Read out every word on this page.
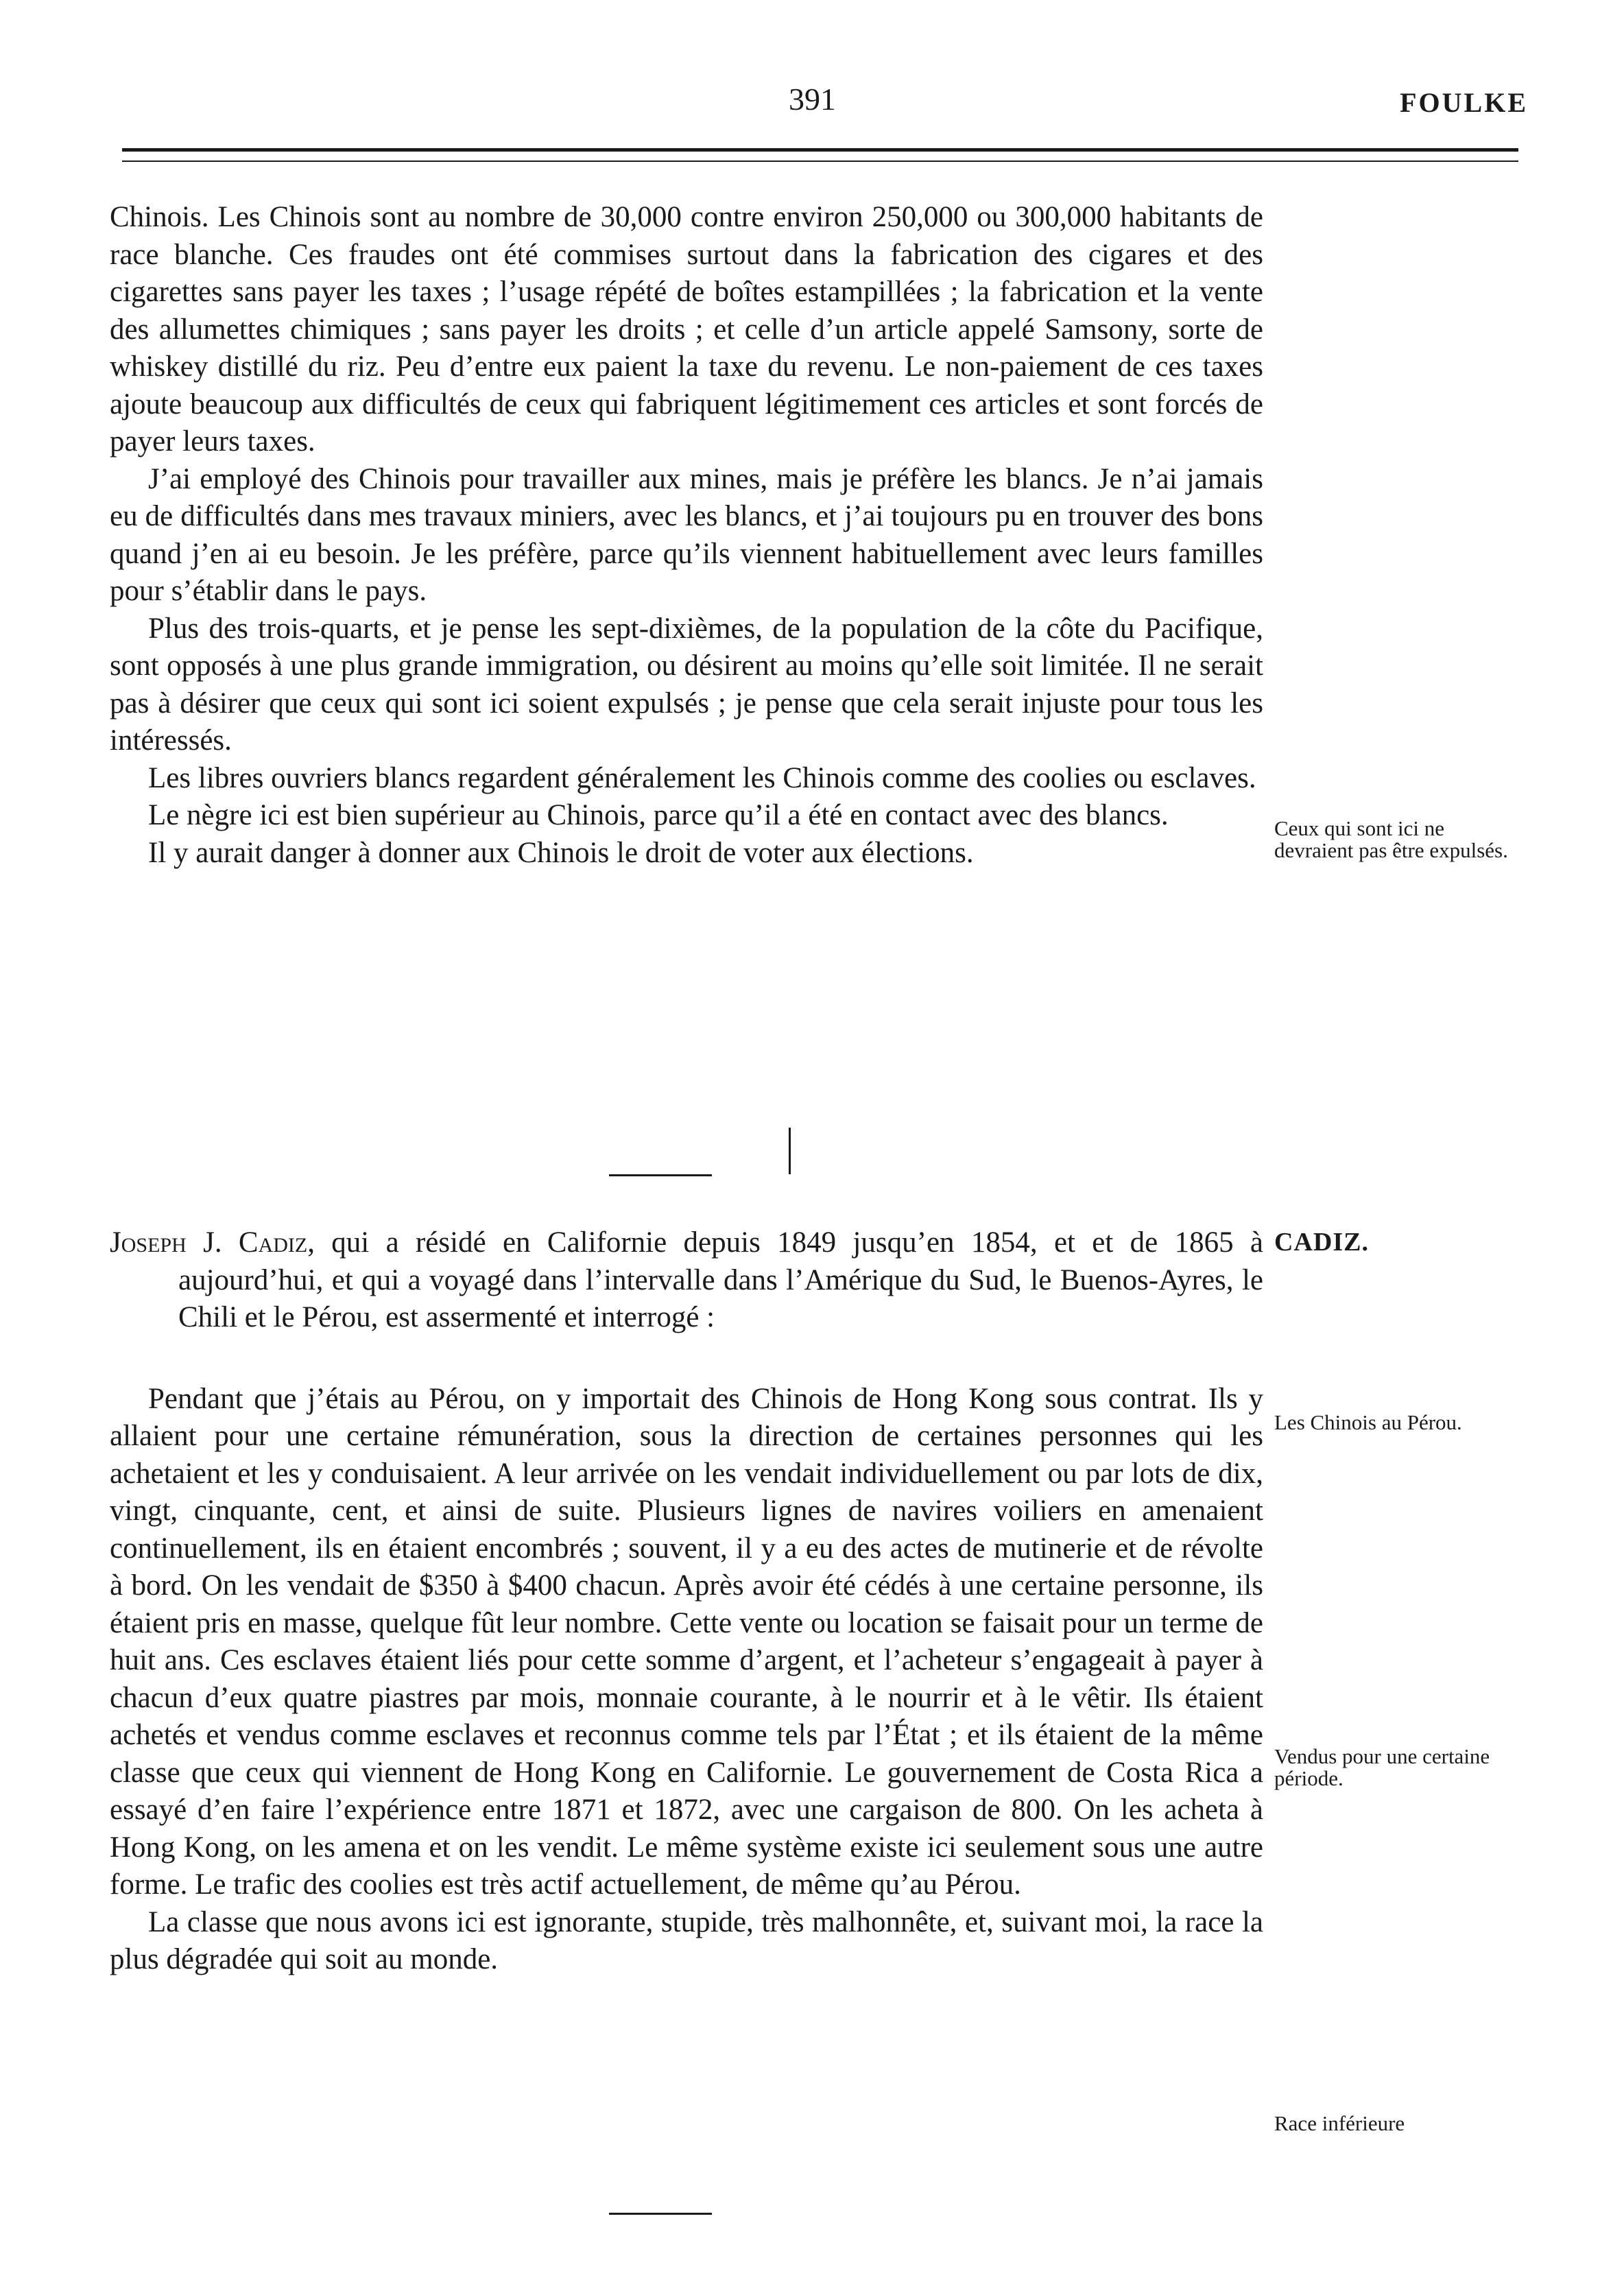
391	FOULKE

Chinois. Les Chinois sont au nombre de 30,000 contre environ 250,000 ou 300,000 habitants de race blanche. Ces fraudes ont été commises surtout dans la fabrication des cigares et des cigarettes sans payer les taxes ; l’usage répété de boîtes estampillées ; la fabrication et la vente des allumettes chimiques ; sans payer les droits ; et celle d’un article appelé Samsony, sorte de whiskey distillé du riz. Peu d’entre eux paient la taxe du revenu. Le non-paiement de ces taxes ajoute beaucoup aux difficultés de ceux qui fabriquent légitimement ces articles et sont forcés de payer leurs taxes.

J’ai employé des Chinois pour travailler aux mines, mais je préfère les blancs. Je n’ai jamais eu de difficultés dans mes travaux miniers, avec les blancs, et j’ai toujours pu en trouver des bons quand j’en ai eu besoin. Je les préfère, parce qu’ils viennent habituellement avec leurs familles pour s’établir dans le pays.

Plus des trois-quarts, et je pense les sept-dixièmes, de la population de la côte du Pacifique, sont opposés à une plus grande immigration, ou désirent au moins qu’elle soit limitée. Il ne serait pas à désirer que ceux qui sont ici soient expulsés ; je pense que cela serait injuste pour tous les intéressés.

Les libres ouvriers blancs regardent généralement les Chinois comme des coolies ou esclaves.

Le nègre ici est bien supérieur au Chinois, parce qu’il a été en contact avec des blancs.

Il y aurait danger à donner aux Chinois le droit de voter aux élections.

Joseph J. Cadiz, qui a résidé en Californie depuis 1849 jusqu’en 1854, et et de 1865 à aujourd’hui, et qui a voyagé dans l’intervalle dans l’Amérique du Sud, le Buenos-Ayres, le Chili et le Pérou, est assermenté et interrogé :

Pendant que j’étais au Pérou, on y importait des Chinois de Hong Kong sous contrat. Ils y allaient pour une certaine rémunération, sous la direction de certaines personnes qui les achetaient et les y conduisaient. A leur arrivée on les vendait individuellement ou par lots de dix, vingt, cinquante, cent, et ainsi de suite. Plusieurs lignes de navires voiliers en amenaient continuellement, ils en étaient encombrés ; souvent, il y a eu des actes de mutinerie et de révolte à bord. On les vendait de $350 à $400 chacun. Après avoir été cédés à une certaine personne, ils étaient pris en masse, quelque fût leur nombre. Cette vente ou location se faisait pour un terme de huit ans. Ces esclaves étaient liés pour cette somme d’argent, et l’acheteur s’engageait à payer à chacun d’eux quatre piastres par mois, monnaie courante, à le nourrir et à le vêtir. Ils étaient achetés et vendus comme esclaves et reconnus comme tels par l’État ; et ils étaient de la même classe que ceux qui viennent de Hong Kong en Californie. Le gouvernement de Costa Rica a essayé d’en faire l’expérience entre 1871 et 1872, avec une cargaison de 800. On les acheta à Hong Kong, on les amena et on les vendit. Le même système existe ici seulement sous une autre forme. Le trafic des coolies est très actif actuellement, de même qu’au Pérou.

La classe que nous avons ici est ignorante, stupide, très malhonnête, et, suivant moi, la race la plus dégradée qui soit au monde.

Ceux qui sont ici ne devraient pas être expulsés.
CADIZ.
Les Chinois au Pérou.
Vendus pour une certaine période.
Race inférieure
